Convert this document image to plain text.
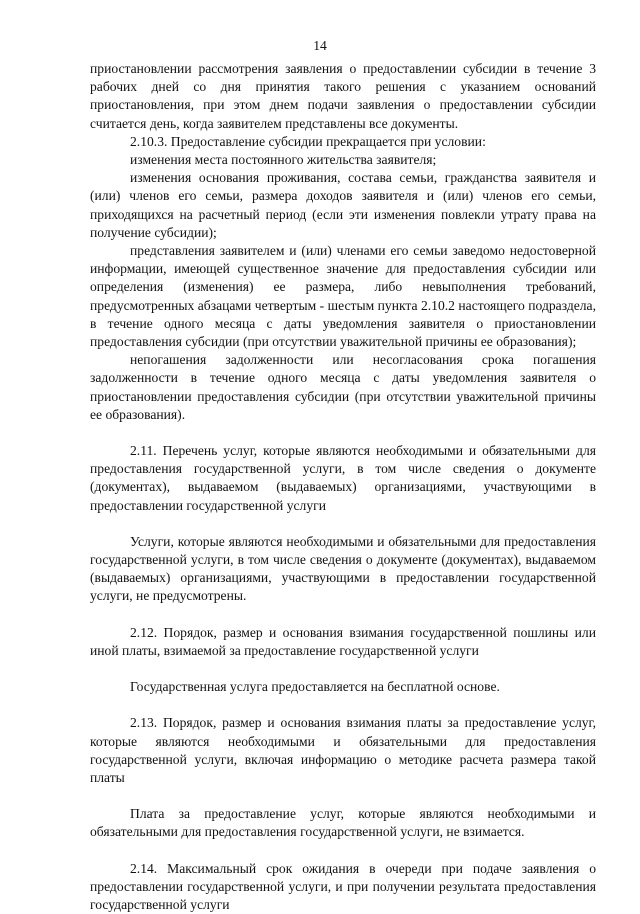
14

приостановлении рассмотрения заявления о предоставлении субсидии в течение 3 рабочих дней со дня принятия такого решения с указанием оснований приостановления, при этом днем подачи заявления о предоставлении субсидии считается день, когда заявителем представлены все документы.

2.10.3. Предоставление субсидии прекращается при условии:

изменения места постоянного жительства заявителя;

изменения основания проживания, состава семьи, гражданства заявителя и (или) членов его семьи, размера доходов заявителя и (или) членов его семьи, приходящихся на расчетный период (если эти изменения повлекли утрату права на получение субсидии);

представления заявителем и (или) членами его семьи заведомо недостоверной информации, имеющей существенное значение для предоставления субсидии или определения (изменения) ее размера, либо невыполнения требований, предусмотренных абзацами четвертым - шестым пункта 2.10.2 настоящего подраздела, в течение одного месяца с даты уведомления заявителя о приостановлении предоставления субсидии (при отсутствии уважительной причины ее образования);

непогашения задолженности или несогласования срока погашения задолженности в течение одного месяца с даты уведомления заявителя о приостановлении предоставления субсидии (при отсутствии уважительной причины ее образования).

2.11. Перечень услуг, которые являются необходимыми и обязательными для предоставления государственной услуги, в том числе сведения о документе (документах), выдаваемом (выдаваемых) организациями, участвующими в предоставлении государственной услуги

Услуги, которые являются необходимыми и обязательными для предоставления государственной услуги, в том числе сведения о документе (документах), выдаваемом (выдаваемых) организациями, участвующими в предоставлении государственной услуги, не предусмотрены.

2.12. Порядок, размер и основания взимания государственной пошлины или иной платы, взимаемой за предоставление государственной услуги

Государственная услуга предоставляется на бесплатной основе.

2.13. Порядок, размер и основания взимания платы за предоставление услуг, которые являются необходимыми и обязательными для предоставления государственной услуги, включая информацию о методике расчета размера такой платы

Плата за предоставление услуг, которые являются необходимыми и обязательными для предоставления государственной услуги, не взимается.

2.14. Максимальный срок ожидания в очереди при подаче заявления о предоставлении государственной услуги, и при получении результата предоставления государственной услуги
